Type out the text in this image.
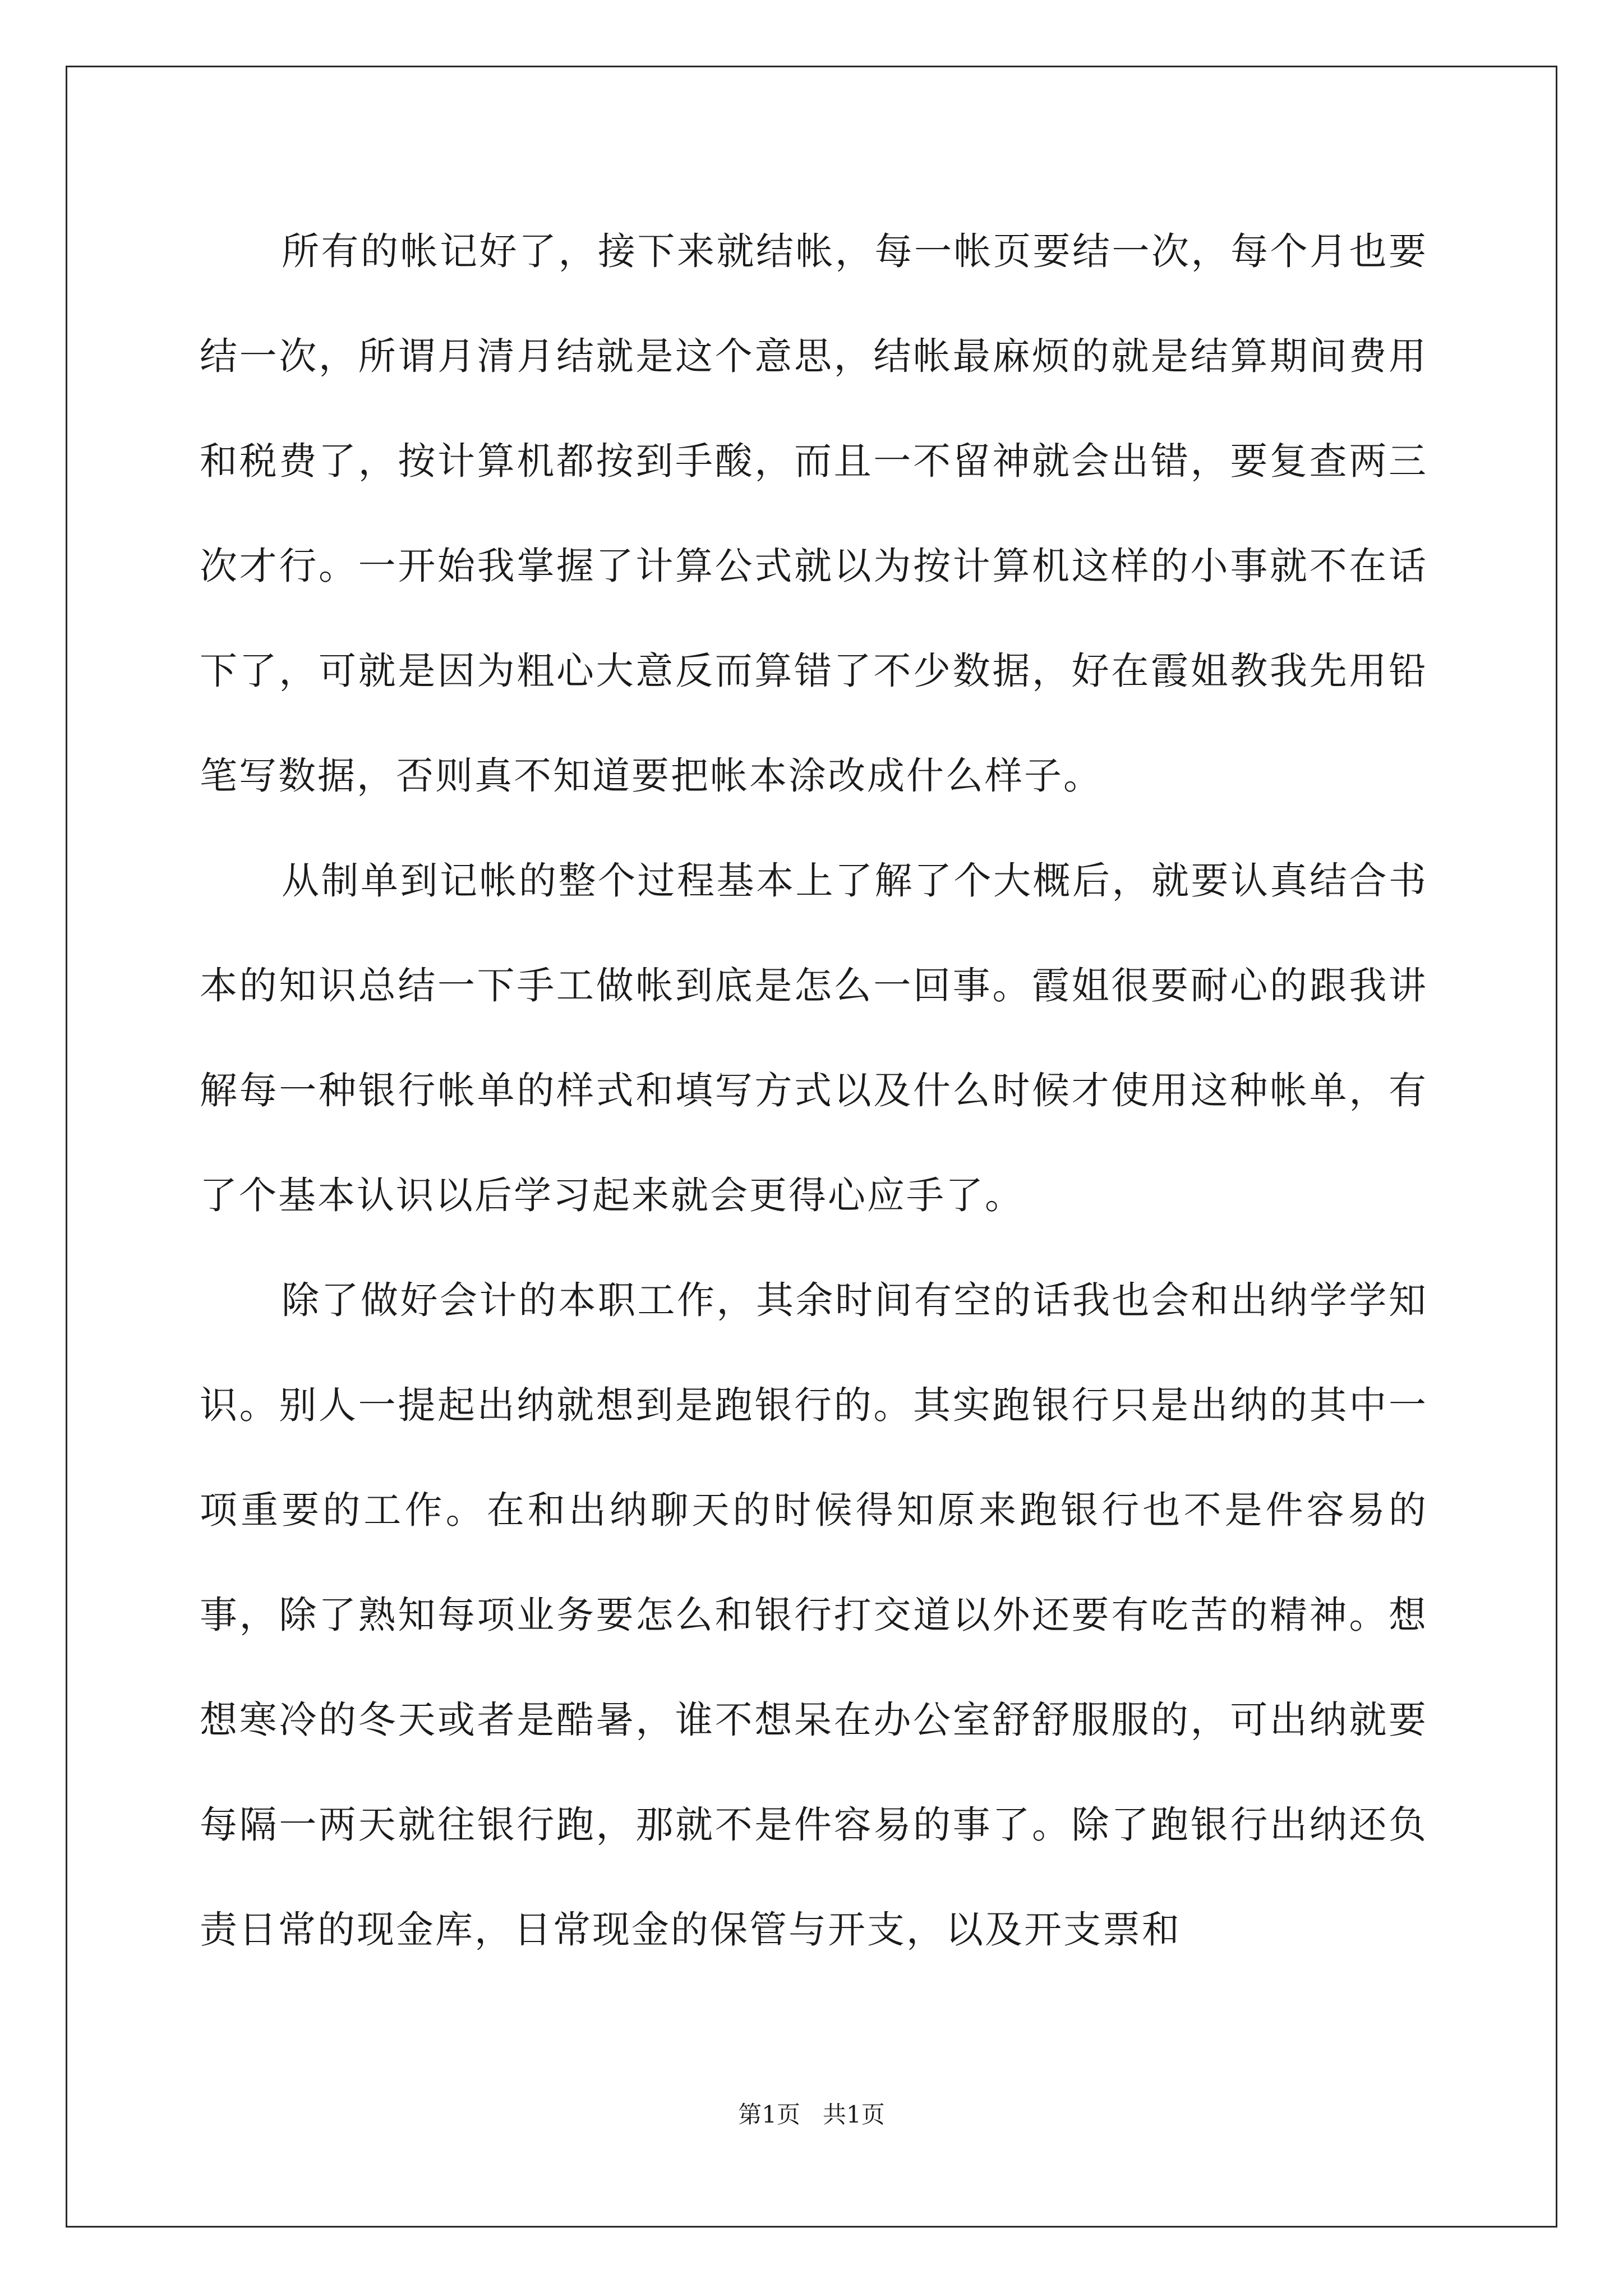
所有的帐记好了，接下来就结帐，每一帐页要结一次，每个月也要结一次，所谓月清月结就是这个意思，结帐最麻烦的就是结算期间费用和税费了，按计算机都按到手酸，而且一不留神就会出错，要复查两三次才行。一开始我掌握了计算公式就以为按计算机这样的小事就不在话下了，可就是因为粗心大意反而算错了不少数据，好在霞姐教我先用铅笔写数据，否则真不知道要把帐本涂改成什么样子。

从制单到记帐的整个过程基本上了解了个大概后，就要认真结合书本的知识总结一下手工做帐到底是怎么一回事。霞姐很要耐心的跟我讲解每一种银行帐单的样式和填写方式以及什么时候才使用这种帐单，有了个基本认识以后学习起来就会更得心应手了。

除了做好会计的本职工作，其余时间有空的话我也会和出纳学学知识。别人一提起出纳就想到是跑银行的。其实跑银行只是出纳的其中一项重要的工作。在和出纳聊天的时候得知原来跑银行也不是件容易的事，除了熟知每项业务要怎么和银行打交道以外还要有吃苦的精神。想想寒冷的冬天或者是酷暑，谁不想呆在办公室舒舒服服的，可出纳就要每隔一两天就往银行跑，那就不是件容易的事了。除了跑银行出纳还负责日常的现金库，日常现金的保管与开支，以及开支票和

第1页 共1页
